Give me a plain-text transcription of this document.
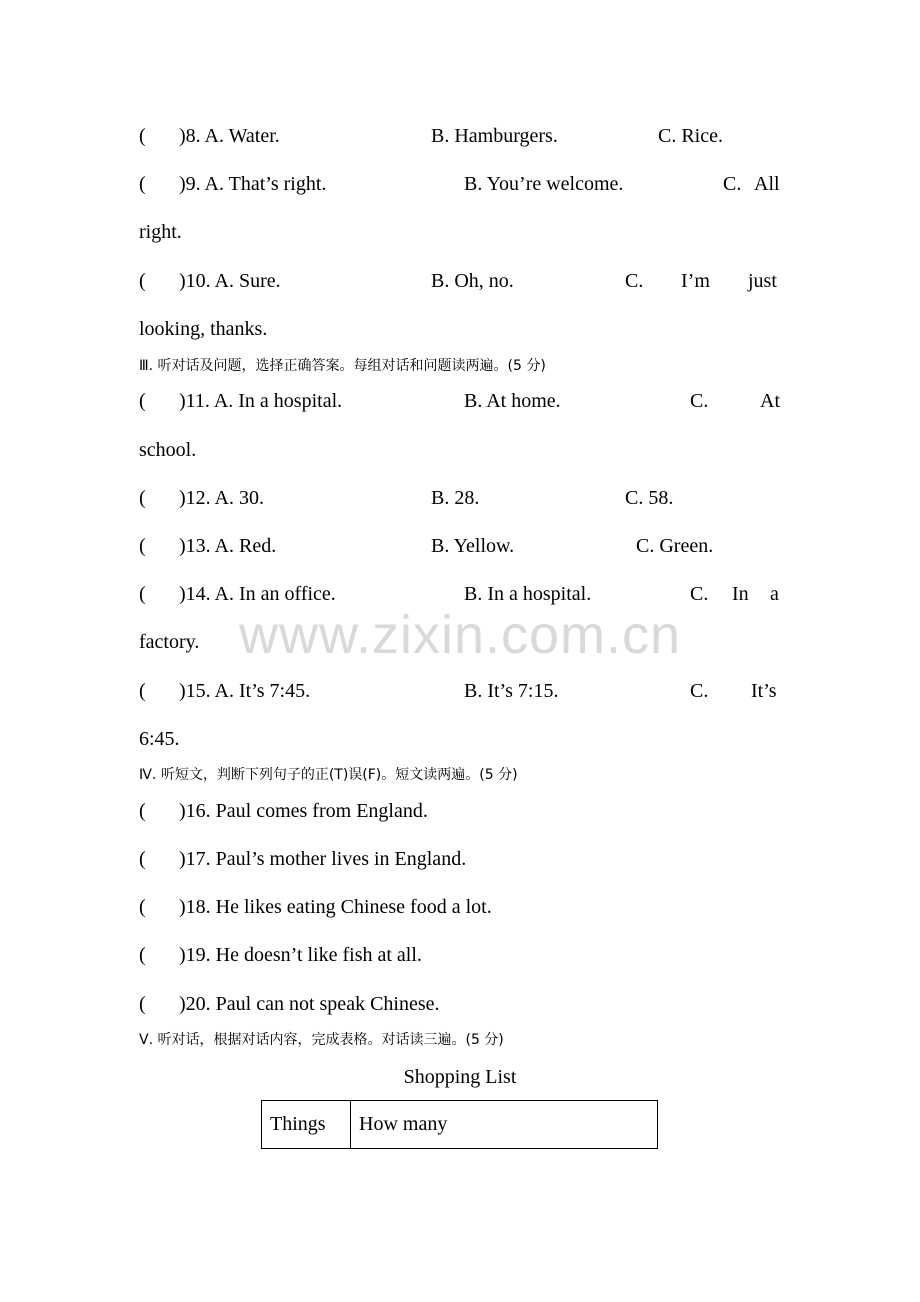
www.zixin.com.cn
( )8. A. Water.	B. Hamburgers.	C. Rice.
( )9. A. That’s right.	B. You’re welcome.	C. All
right.
( )10. A. Sure.	B. Oh, no.	C. I’m just
looking, thanks.
Ⅲ. 听对话及问题，选择正确答案。每组对话和问题读两遍。(5 分)
( )11. A. In a hospital.	B. At home.	C.	At
school.
( )12. A. 30.	B. 28.	C. 58.
( )13. A. Red.	B. Yellow.	C. Green.
( )14. A. In an office.	B. In a hospital.	C. In a
factory.
( )15. A. It’s 7:45.	B. It’s 7:15.	C. It’s
6:45.
Ⅳ. 听短文，判断下列句子的正(T)误(F)。短文读两遍。(5 分)
( )16. Paul comes from England.
( )17. Paul’s mother lives in England.
( )18. He likes eating Chinese food a lot.
( )19. He doesn’t like fish at all.
( )20. Paul can not speak Chinese.
Ⅴ. 听对话，根据对话内容，完成表格。对话读三遍。(5 分)
Shopping List
Things	How many
